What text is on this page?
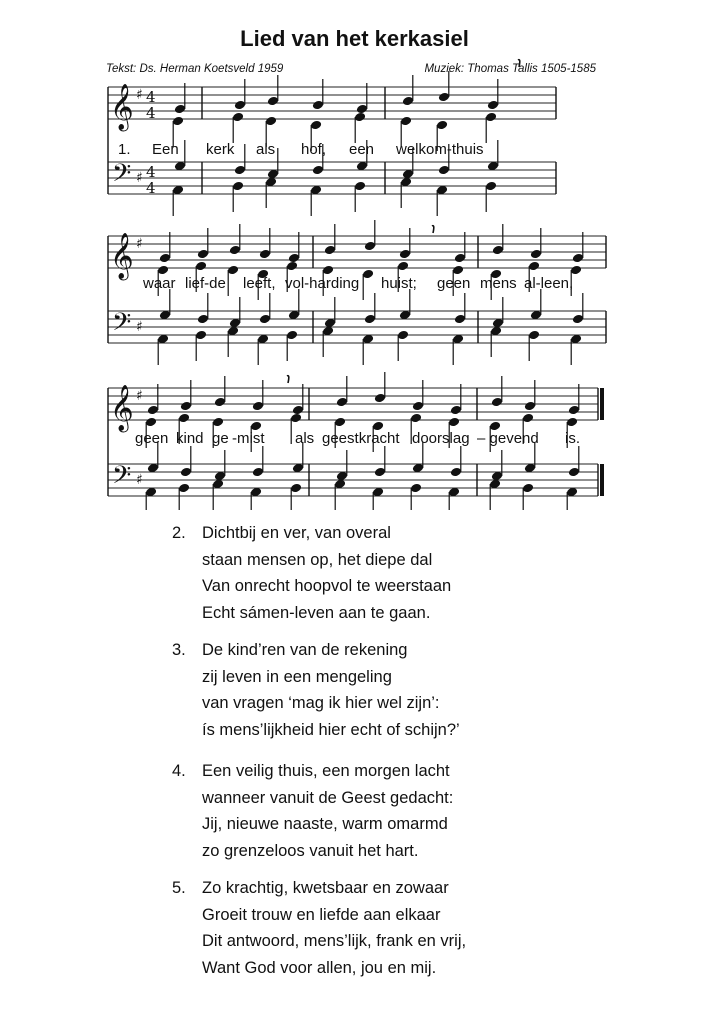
Lied van het kerkasiel
Tekst: Ds. Herman Koetsveld 1959	Muziek: Thomas Tallis 1505-1585
𝄞
𝄢
♯
♯
4
4
4
4
𝄞
𝄢
♯
♯
𝄞
𝄢
♯
♯
1. Een kerk als hof, een welkom-thuis
waar lief-de leeft, vol-harding huist; geen mens al-leen,
geen kind ge -mist als geestkracht doorslag – gevend is.
2. Dichtbij en ver, van overal
staan mensen op, het diepe dal
Van onrecht hoopvol te weerstaan
Echt sámen-leven aan te gaan.
3. De kind’ren van de rekening
zij leven in een mengeling
van vragen ‘mag ik hier wel zijn’:
ís mens’lijkheid hier echt of schijn?’
4. Een veilig thuis, een morgen lacht
wanneer vanuit de Geest gedacht:
Jij, nieuwe naaste, warm omarmd
zo grenzeloos vanuit het hart.
5. Zo krachtig, kwetsbaar en zowaar
Groeit trouw en liefde aan elkaar
Dit antwoord, mens’lijk, frank en vrij,
Want God voor allen, jou en mij.
